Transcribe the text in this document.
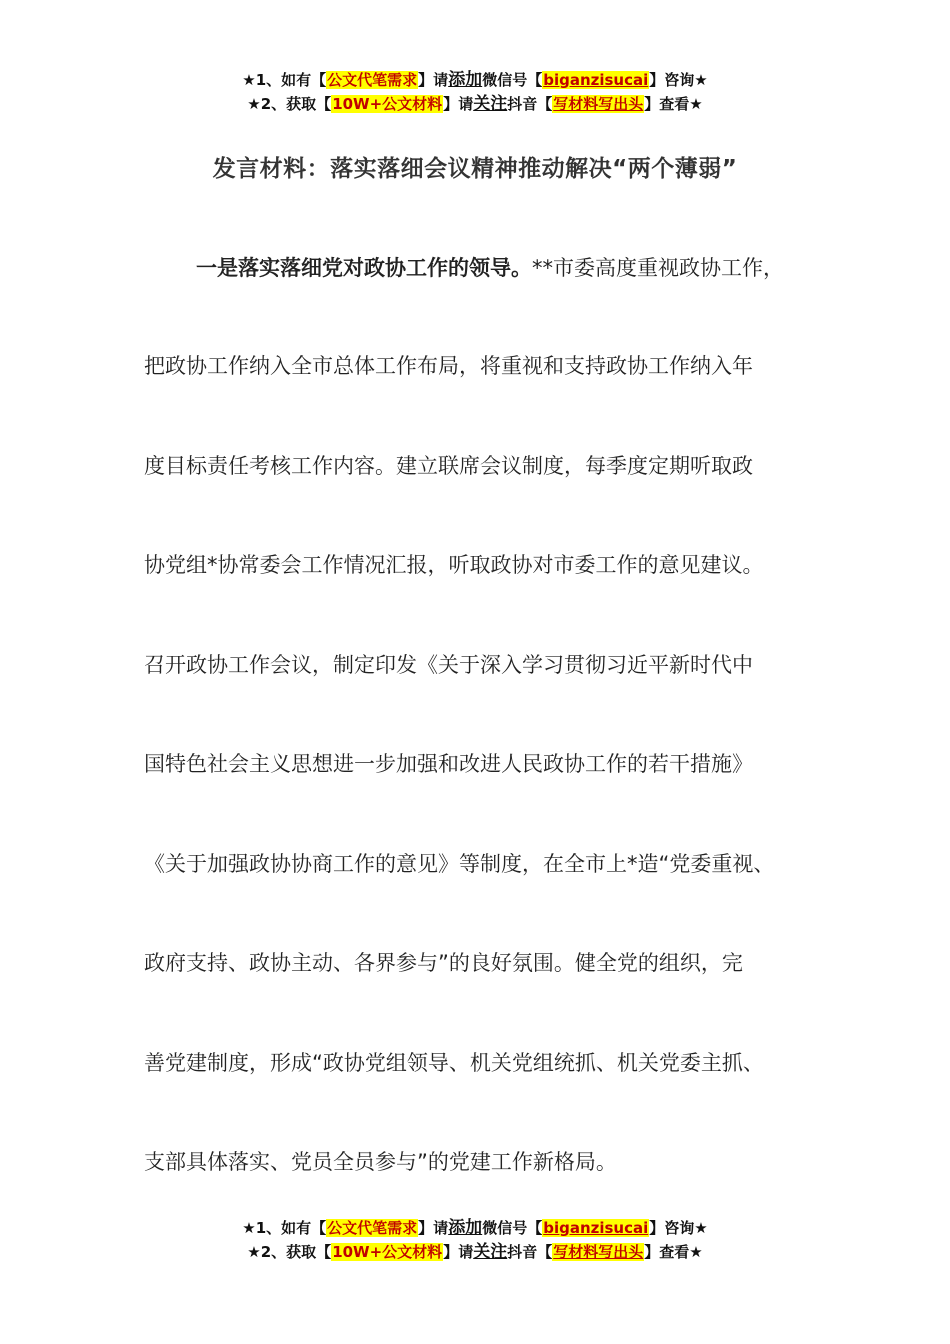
★1、如有【公文代笔需求】请添加微信号【biganzisucai】咨询★
★2、获取【10W+公文材料】请关注抖音【写材料写出头】查看★
发言材料：落实落细会议精神推动解决“两个薄弱”
一是落实落细党对政协工作的领导。**市委高度重视政协工作，
把政协工作纳入全市总体工作布局，将重视和支持政协工作纳入年
度目标责任考核工作内容。建立联席会议制度，每季度定期听取政
协党组*协常委会工作情况汇报，听取政协对市委工作的意见建议。
召开政协工作会议，制定印发《关于深入学习贯彻习近平新时代中
国特色社会主义思想进一步加强和改进人民政协工作的若干措施》
《关于加强政协协商工作的意见》等制度，在全市上*造“党委重视、
政府支持、政协主动、各界参与”的良好氛围。健全党的组织，完
善党建制度，形成“政协党组领导、机关党组统抓、机关党委主抓、
支部具体落实、党员全员参与”的党建工作新格局。
★1、如有【公文代笔需求】请添加微信号【biganzisucai】咨询★
★2、获取【10W+公文材料】请关注抖音【写材料写出头】查看★
